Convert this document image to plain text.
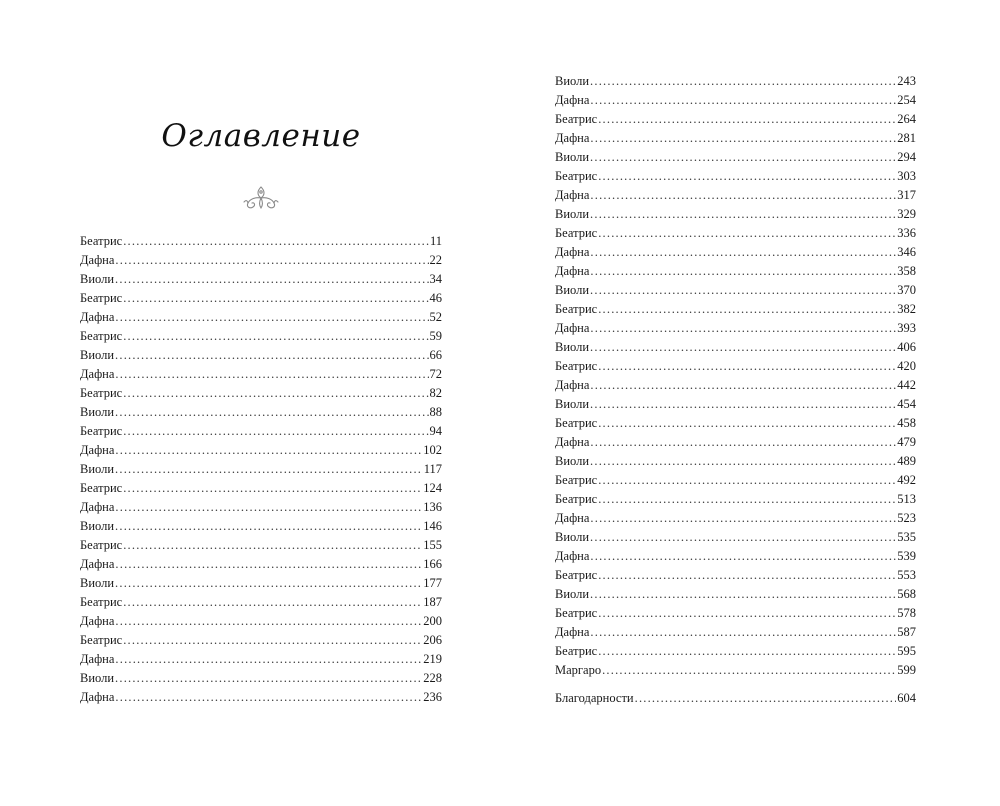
Оглавление
Беатрис .....	11
Дафна .....	22
Виоли .....	34
Беатрис .....	46
Дафна .....	52
Беатрис .....	59
Виоли .....	66
Дафна .....	72
Беатрис .....	82
Виоли .....	88
Беатрис .....	94
Дафна .....	102
Виоли .....	117
Беатрис .....	124
Дафна .....	136
Виоли .....	146
Беатрис .....	155
Дафна .....	166
Виоли .....	177
Беатрис .....	187
Дафна .....	200
Беатрис .....	206
Дафна .....	219
Виоли .....	228
Дафна .....	236
Виоли .....	243
Дафна .....	254
Беатрис .....	264
Дафна .....	281
Виоли .....	294
Беатрис .....	303
Дафна .....	317
Виоли .....	329
Беатрис .....	336
Дафна .....	346
Дафна .....	358
Виоли .....	370
Беатрис .....	382
Дафна .....	393
Виоли .....	406
Беатрис .....	420
Дафна .....	442
Виоли .....	454
Беатрис .....	458
Дафна .....	479
Виоли .....	489
Беатрис .....	492
Беатрис .....	513
Дафна .....	523
Виоли .....	535
Дафна .....	539
Беатрис .....	553
Виоли .....	568
Беатрис .....	578
Дафна .....	587
Беатрис .....	595
Маргаро .....	599
Благодарности .....	604
